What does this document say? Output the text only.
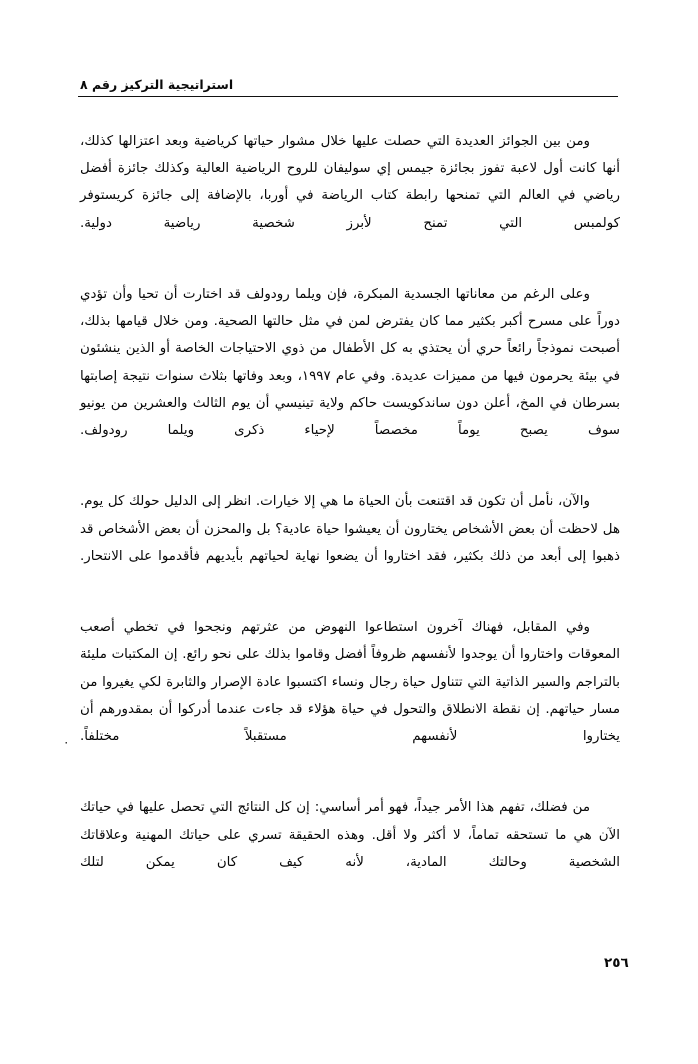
استراتيجية التركيز رقم ٨

ومن بين الجوائز العديدة التي حصلت عليها خلال مشوار حياتها كرياضية وبعد اعتزالها كذلك، أنها كانت أول لاعبة تفوز بجائزة جيمس إي سوليفان للروح الرياضية العالية وكذلك جائزة أفضل رياضي في العالم التي تمنحها رابطة كتاب الرياضة في أوربا، بالإضافة إلى جائزة كريستوفر كولمبس التي تمنح لأبرز شخصية رياضية دولية.

وعلى الرغم من معاناتها الجسدية المبكرة، فإن ويلما رودولف قد اختارت أن تحيا وأن تؤدي دوراً على مسرح أكبر بكثير مما كان يفترض لمن في مثل حالتها الصحية. ومن خلال قيامها بذلك، أصبحت نموذجاً رائعاً حري أن يحتذي به كل الأطفال من ذوي الاحتياجات الخاصة أو الذين ينشئون في بيئة يحرمون فيها من مميزات عديدة. وفي عام ١٩٩٧، وبعد وفاتها بثلاث سنوات نتيجة إصابتها بسرطان في المخ، أعلن دون ساندكويست حاكم ولاية تينيسي أن يوم الثالث والعشرين من يونيو سوف يصبح يوماً مخصصاً لإحياء ذكرى ويلما رودولف.

والآن، نأمل أن تكون قد اقتنعت بأن الحياة ما هي إلا خيارات. انظر إلى الدليل حولك كل يوم. هل لاحظت أن بعض الأشخاص يختارون أن يعيشوا حياة عادية؟ بل والمحزن أن بعض الأشخاص قد ذهبوا إلى أبعد من ذلك بكثير، فقد اختاروا أن يضعوا نهاية لحياتهم بأيديهم فأقدموا على الانتحار.

وفي المقابل، فهناك آخرون استطاعوا النهوض من عثرتهم ونجحوا في تخطي أصعب المعوقات واختاروا أن يوجدوا لأنفسهم ظروفاً أفضل وقاموا بذلك على نحو رائع. إن المكتبات مليئة بالتراجم والسير الذاتية التي تتناول حياة رجال ونساء اكتسبوا عادة الإصرار والثابرة لكي يغيروا من مسار حياتهم. إن نقطة الانطلاق والتحول في حياة هؤلاء قد جاءت عندما أدركوا أن بمقدورهم أن يختاروا لأنفسهم مستقبلاً مختلفاً.

من فضلك، تفهم هذا الأمر جيداً، فهو أمر أساسي: إن كل النتائج التي تحصل عليها في حياتك الآن هي ما تستحقه تماماً، لا أكثر ولا أقل. وهذه الحقيقة تسري على حياتك المهنية وعلاقاتك الشخصية وحالتك المادية، لأنه كيف كان يمكن لتلك

٠
٢٥٦
